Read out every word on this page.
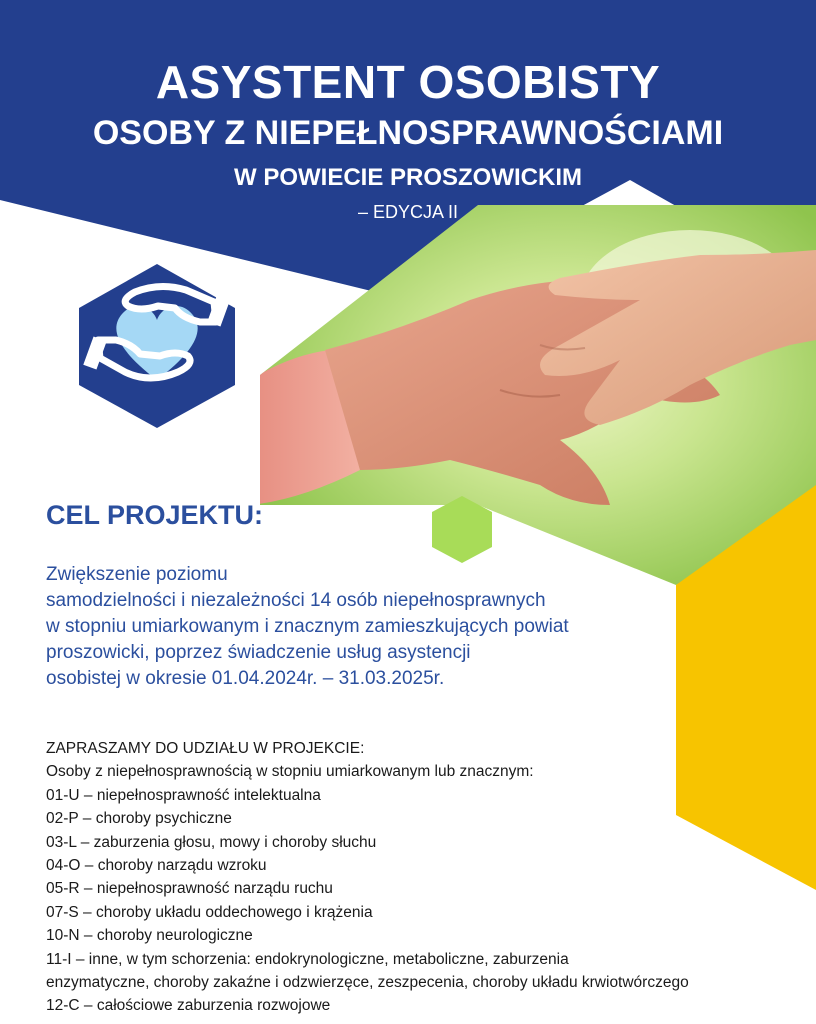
ASYSTENT OSOBISTY
OSOBY Z NIEPEŁNOSPRAWNOŚCIAMI
W POWIECIE PROSZOWICKIM
– EDYCJA II
CEL PROJEKTU:
Zwiększenie poziomu
samodzielności i niezależności 14 osób niepełnosprawnych
w stopniu umiarkowanym i znacznym zamieszkujących powiat
proszowicki, poprzez świadczenie usług asystencji
osobistej w okresie 01.04.2024r. – 31.03.2025r.
ZAPRASZAMY DO UDZIAŁU W PROJEKCIE:
Osoby z niepełnosprawnością w stopniu umiarkowanym lub znacznym:
01-U – niepełnosprawność intelektualna
02-P – choroby psychiczne
03-L – zaburzenia głosu, mowy i choroby słuchu
04-O – choroby narządu wzroku
05-R – niepełnosprawność narządu ruchu
07-S – choroby układu oddechowego i krążenia
10-N – choroby neurologiczne
11-I – inne, w tym schorzenia: endokrynologiczne, metaboliczne, zaburzenia
enzymatyczne, choroby zakaźne i odzwierzęce, zeszpecenia, choroby układu krwiotwórczego
12-C – całościowe zaburzenia rozwojowe
